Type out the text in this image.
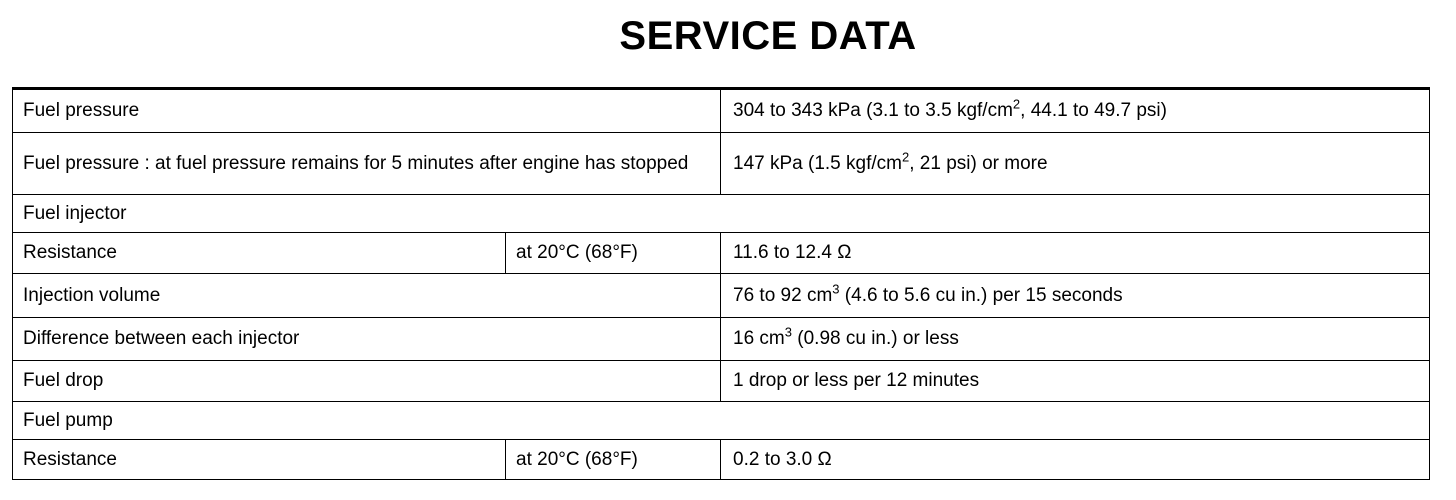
SERVICE DATA
Fuel pressure		304 to 343 kPa (3.1 to 3.5 kgf/$cm^2$, 44.1 to 49.7 psi)
Fuel pressure : at fuel pressure remains for 5 minutes after engine has stopped		147 kPa (1.5 kgf/$cm^2$, 21 psi) or more
Fuel injector		
Resistance	at 20°C (68°F)	11.6 to 12.4 Ω
Injection volume		76 to 92 $cm^3$ (4.6 to 5.6 cu in.) per 15 seconds
Difference between each injector		16 $cm^3$ (0.98 cu in.) or less
Fuel drop		1 drop or less per 12 minutes
Fuel pump		
Resistance	at 20°C (68°F)	0.2 to 3.0 Ω
